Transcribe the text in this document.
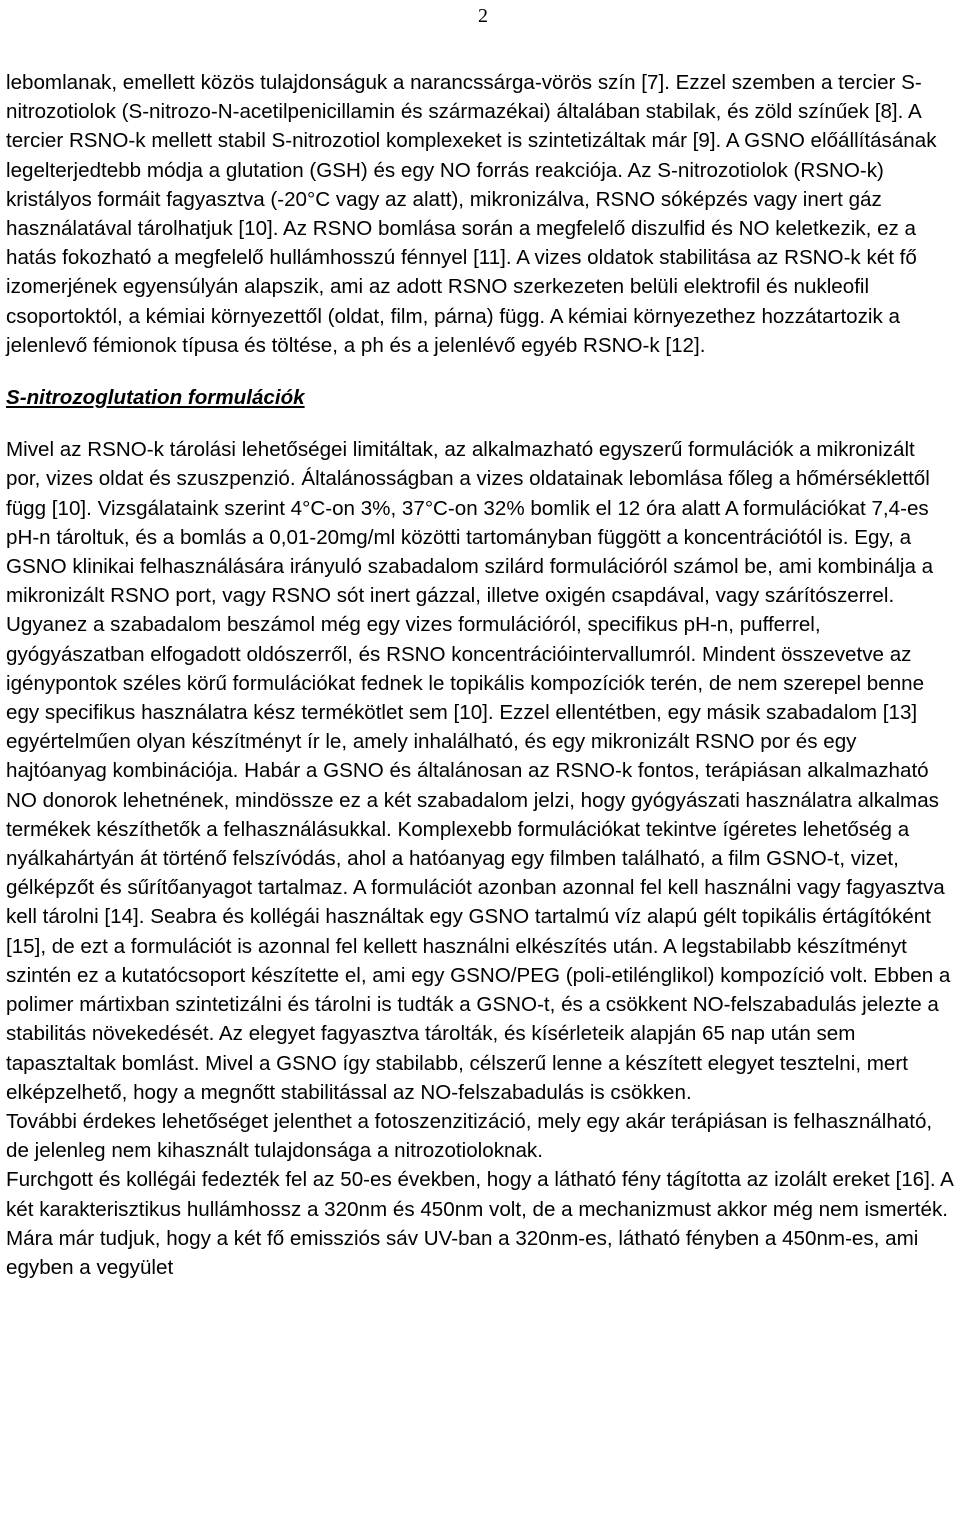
2

lebomlanak, emellett közös tulajdonságuk a narancssárga-vörös szín [7]. Ezzel szemben a tercier S-nitrozotiolok (S-nitrozo-N-acetilpenicillamin és származékai) általában stabilak, és zöld színűek [8]. A tercier RSNO-k mellett stabil S-nitrozotiol komplexeket is szintetizáltak már [9]. A GSNO előállításának legelterjedtebb módja a glutation (GSH) és egy NO forrás reakciója. Az S-nitrozotiolok (RSNO-k) kristályos formáit fagyasztva (-20°C vagy az alatt), mikronizálva, RSNO sóképzés vagy inert gáz használatával tárolhatjuk [10]. Az RSNO bomlása során a megfelelő diszulfid és NO keletkezik, ez a hatás fokozható a megfelelő hullámhosszú fénnyel [11]. A vizes oldatok stabilitása az RSNO-k két fő izomerjének egyensúlyán alapszik, ami az adott RSNO szerkezeten belüli elektrofil és nukleofil csoportoktól, a kémiai környezettől (oldat, film, párna) függ. A kémiai környezethez hozzátartozik a jelenlevő fémionok típusa és töltése, a ph és a jelenlévő egyéb RSNO-k [12].

S-nitrozoglutation formulációk

Mivel az RSNO-k tárolási lehetőségei limitáltak, az alkalmazható egyszerű formulációk a mikronizált por, vizes oldat és szuszpenzió. Általánosságban a vizes oldatainak lebomlása főleg a hőmérséklettől függ [10]. Vizsgálataink szerint 4°C-on 3%, 37°C-on 32% bomlik el 12 óra alatt A formulációkat 7,4-es pH-n tároltuk, és a bomlás a 0,01-20mg/ml közötti tartományban függött a koncentrációtól is. Egy, a GSNO klinikai felhasználására irányuló szabadalom szilárd formulációról számol be, ami kombinálja a mikronizált RSNO port, vagy RSNO sót inert gázzal, illetve oxigén csapdával, vagy szárítószerrel. Ugyanez a szabadalom beszámol még egy vizes formulációról, specifikus pH-n, pufferrel, gyógyászatban elfogadott oldószerről, és RSNO koncentrációintervallumról. Mindent összevetve az igénypontok széles körű formulációkat fednek le topikális kompozíciók terén, de nem szerepel benne egy specifikus használatra kész termékötlet sem [10]. Ezzel ellentétben, egy másik szabadalom [13] egyértelműen olyan készítményt ír le, amely inhalálható, és egy mikronizált RSNO por és egy hajtóanyag kombinációja. Habár a GSNO és általánosan az RSNO-k fontos, terápiásan alkalmazható NO donorok lehetnének, mindössze ez a két szabadalom jelzi, hogy gyógyászati használatra alkalmas termékek készíthetők a felhasználásukkal. Komplexebb formulációkat tekintve ígéretes lehetőség a nyálkahártyán át történő felszívódás, ahol a hatóanyag egy filmben található, a film GSNO-t, vizet, gélképzőt és sűrítőanyagot tartalmaz. A formulációt azonban azonnal fel kell használni vagy fagyasztva kell tárolni [14]. Seabra és kollégái használtak egy GSNO tartalmú víz alapú gélt topikális értágítóként [15], de ezt a formulációt is azonnal fel kellett használni elkészítés után. A legstabilabb készítményt szintén ez a kutatócsoport készítette el, ami egy GSNO/PEG (poli-etilénglikol) kompozíció volt. Ebben a polimer mártixban szintetizálni és tárolni is tudták a GSNO-t, és a csökkent NO-felszabadulás jelezte a stabilitás növekedését. Az elegyet fagyasztva tárolták, és kísérleteik alapján 65 nap után sem tapasztaltak bomlást. Mivel a GSNO így stabilabb, célszerű lenne a készített elegyet tesztelni, mert elképzelhető, hogy a megnőtt stabilitással az NO-felszabadulás is csökken.

További érdekes lehetőséget jelenthet a fotoszenzitizáció, mely egy akár terápiásan is felhasználható, de jelenleg nem kihasznált tulajdonsága a nitrozotioloknak.

Furchgott és kollégái fedezték fel az 50-es években, hogy a látható fény tágította az izolált ereket [16]. A két karakterisztikus hullámhossz a 320nm és 450nm volt, de a mechanizmust akkor még nem ismerték. Mára már tudjuk, hogy a két fő emissziós sáv UV-ban a 320nm-es, látható fényben a 450nm-es, ami egyben a vegyület
